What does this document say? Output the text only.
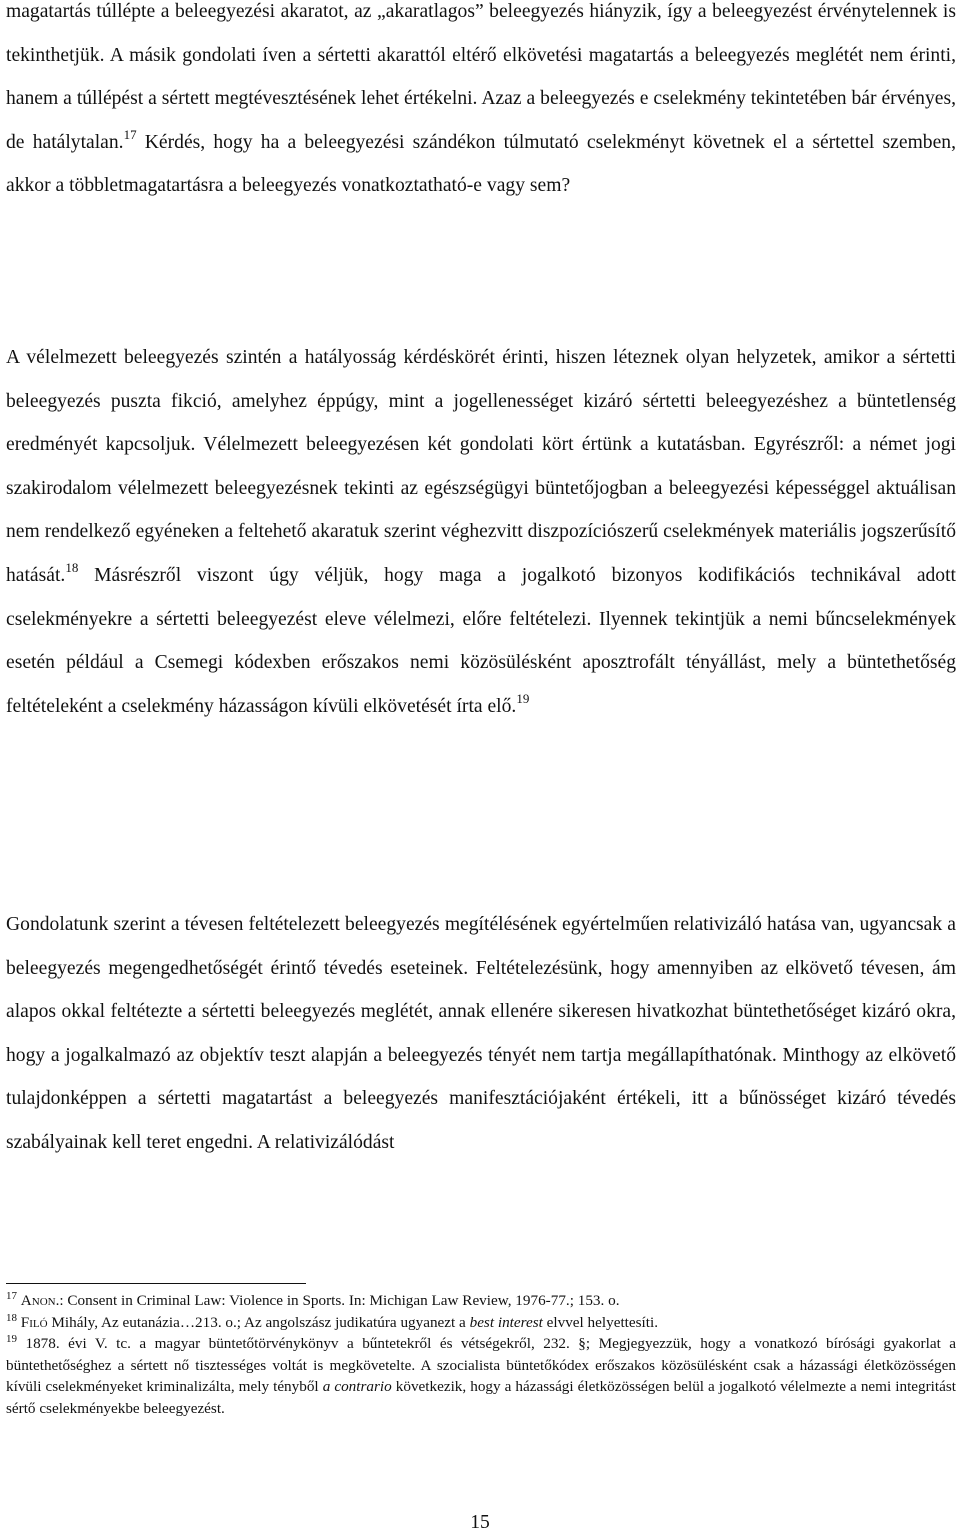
magatartás túllépte a beleegyezési akaratot, az „akaratlagos” beleegyezés hiányzik, így a beleegyezést érvénytelennek is tekinthetjük. A másik gondolati íven a sértetti akarattól eltérő elkövetési magatartás a beleegyezés meglétét nem érinti, hanem a túllépést a sértett megtévesztésének lehet értékelni. Azaz a beleegyezés e cselekmény tekintetében bár érvényes, de hatálytalan.$^{17}$ Kérdés, hogy ha a beleegyezési szándékon túlmutató cselekményt követnek el a sértettel szemben, akkor a többletmagatartásra a beleegyezés vonatkoztatható-e vagy sem?

A vélelmezett beleegyezés szintén a hatályosság kérdéskörét érinti, hiszen léteznek olyan helyzetek, amikor a sértetti beleegyezés puszta fikció, amelyhez éppúgy, mint a jogellenességet kizáró sértetti beleegyezéshez a büntetlenség eredményét kapcsoljuk. Vélelmezett beleegyezésen két gondolati kört értünk a kutatásban. Egyrészről: a német jogi szakirodalom vélelmezett beleegyezésnek tekinti az egészségügyi büntetőjogban a beleegyezési képességgel aktuálisan nem rendelkező egyéneken a feltehető akaratuk szerint véghezvitt diszpozíciószerű cselekmények materiális jogszerűsítő hatását.$^{18}$ Másrészről viszont úgy véljük, hogy maga a jogalkotó bizonyos kodifikációs technikával adott cselekményekre a sértetti beleegyezést eleve vélelmezi, előre feltételezi. Ilyennek tekintjük a nemi bűncselekmények esetén például a Csemegi kódexben erőszakos nemi közösülésként aposztrofált tényállást, mely a büntethetőség feltételeként a cselekmény házasságon kívüli elkövetését írta elő.$^{19}$

Gondolatunk szerint a tévesen feltételezett beleegyezés megítélésének egyértelműen relativizáló hatása van, ugyancsak a beleegyezés megengedhetőségét érintő tévedés eseteinek. Feltételezésünk, hogy amennyiben az elkövető tévesen, ám alapos okkal feltétezte a sértetti beleegyezés meglétét, annak ellenére sikeresen hivatkozhat büntethetőséget kizáró okra, hogy a jogalkalmazó az objektív teszt alapján a beleegyezés tényét nem tartja megállapíthatónak. Minthogy az elkövető tulajdonképpen a sértetti magatartást a beleegyezés manifesztációjaként értékeli, itt a bűnösséget kizáró tévedés szabályainak kell teret engedni. A relativizálódást

$^{17}$ Anon.: Consent in Criminal Law: Violence in Sports. In: Michigan Law Review, 1976-77.; 153. o.

$^{18}$ Filó Mihály, Az eutanázia…213. o.; Az angolszász judikatúra ugyanezt a best interest elvvel helyettesíti.

$^{19}$ 1878. évi V. tc. a magyar büntetőtörvénykönyv a bűntetekről és vétségekről, 232. §; Megjegyezzük, hogy a vonatkozó bírósági gyakorlat a büntethetőséghez a sértett nő tisztességes voltát is megkövetelte. A szocialista büntetőkódex erőszakos közösülésként csak a házassági életközösségen kívüli cselekményeket kriminalizálta, mely tényből a contrario következik, hogy a házassági életközösségen belül a jogalkotó vélelmezte a nemi integritást sértő cselekményekbe beleegyezést.

15
